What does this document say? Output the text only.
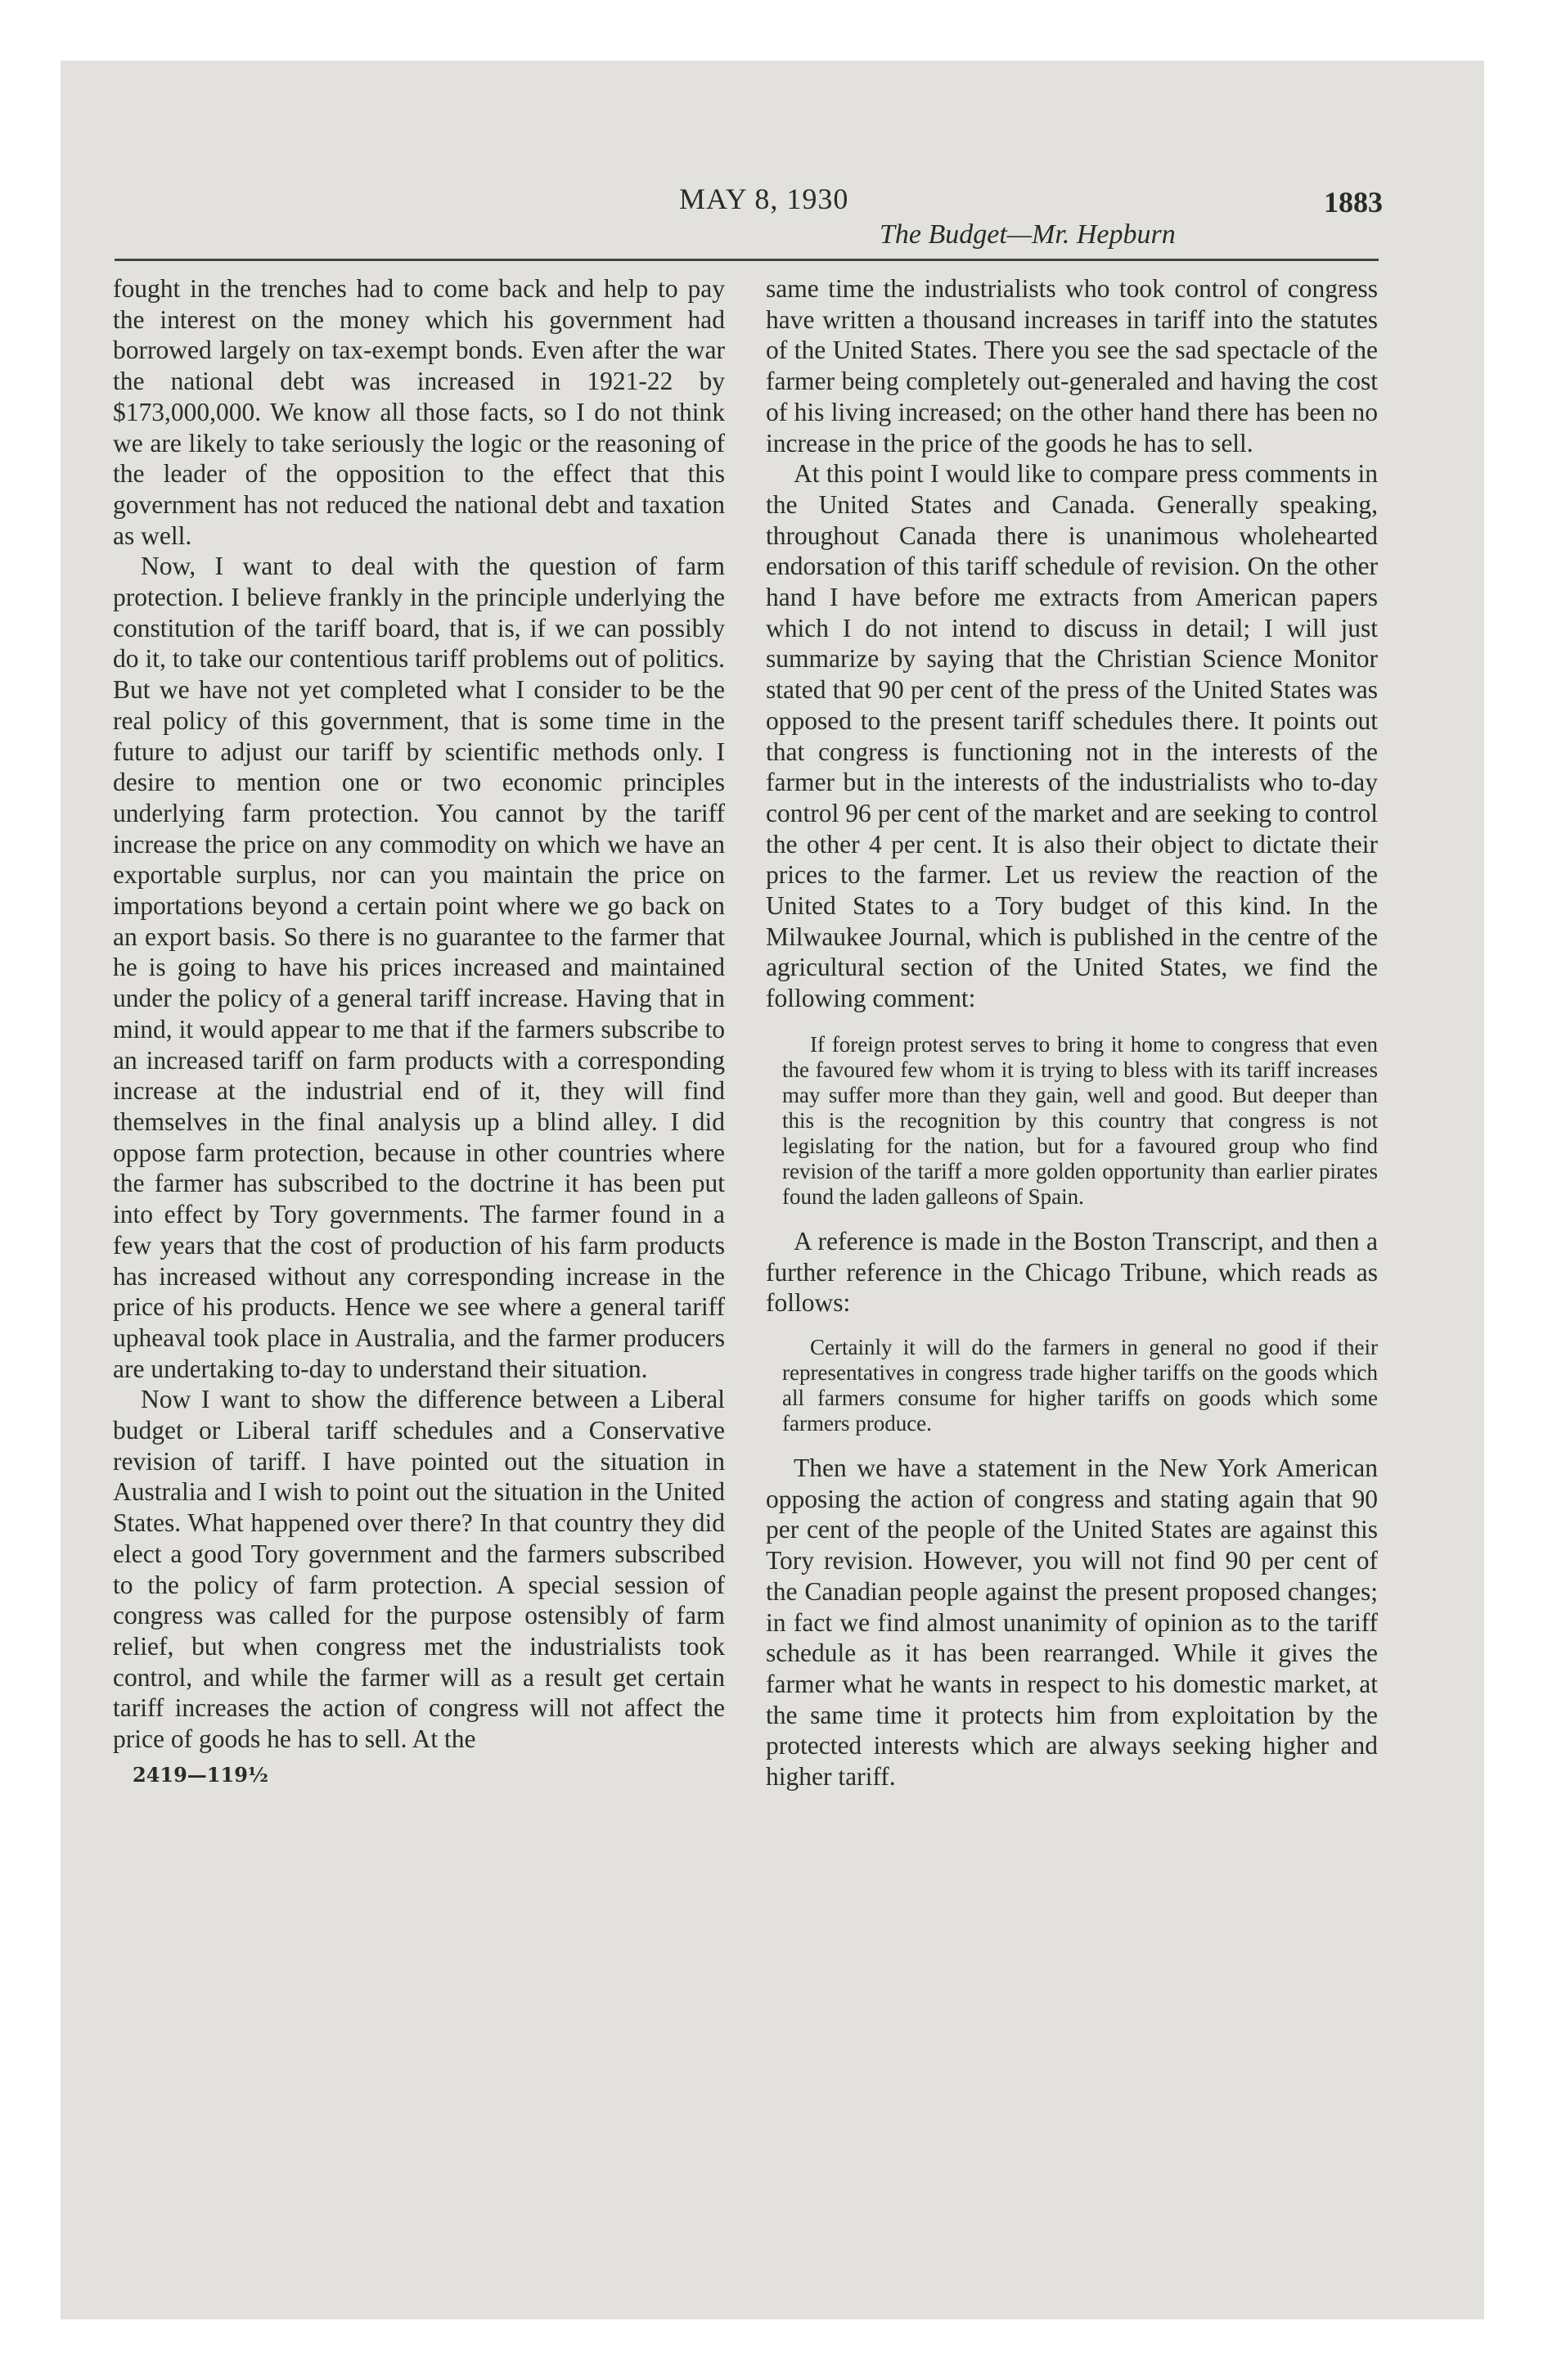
MAY 8, 1930	1883
The Budget—Mr. Hepburn

fought in the trenches had to come back and help to pay the interest on the money which his government had borrowed largely on tax-exempt bonds. Even after the war the national debt was increased in 1921-22 by $173,000,000. We know all those facts, so I do not think we are likely to take seriously the logic or the reasoning of the leader of the opposition to the effect that this government has not reduced the national debt and taxation as well.

Now, I want to deal with the question of farm protection. I believe frankly in the principle underlying the constitution of the tariff board, that is, if we can possibly do it, to take our contentious tariff problems out of politics. But we have not yet completed what I consider to be the real policy of this government, that is some time in the future to adjust our tariff by scientific methods only. I desire to mention one or two economic principles underlying farm protection. You cannot by the tariff increase the price on any commodity on which we have an exportable surplus, nor can you maintain the price on importations beyond a certain point where we go back on an export basis. So there is no guarantee to the farmer that he is going to have his prices increased and maintained under the policy of a general tariff increase. Having that in mind, it would appear to me that if the farmers subscribe to an increased tariff on farm products with a corresponding increase at the industrial end of it, they will find themselves in the final analysis up a blind alley. I did oppose farm protection, because in other countries where the farmer has subscribed to the doctrine it has been put into effect by Tory governments. The farmer found in a few years that the cost of production of his farm products has increased without any corresponding increase in the price of his products. Hence we see where a general tariff upheaval took place in Australia, and the farmer producers are undertaking to-day to understand their situation.

Now I want to show the difference between a Liberal budget or Liberal tariff schedules and a Conservative revision of tariff. I have pointed out the situation in Australia and I wish to point out the situation in the United States. What happened over there? In that country they did elect a good Tory government and the farmers subscribed to the policy of farm protection. A special session of congress was called for the purpose ostensibly of farm relief, but when congress met the industrialists took control, and while the farmer will as a result get certain tariff increases the action of congress will not affect the price of goods he has to sell. At the

2419—119½

same time the industrialists who took control of congress have written a thousand increases in tariff into the statutes of the United States. There you see the sad spectacle of the farmer being completely out-generaled and having the cost of his living increased; on the other hand there has been no increase in the price of the goods he has to sell.

At this point I would like to compare press comments in the United States and Canada. Generally speaking, throughout Canada there is unanimous wholehearted endorsation of this tariff schedule of revision. On the other hand I have before me extracts from American papers which I do not intend to discuss in detail; I will just summarize by saying that the Christian Science Monitor stated that 90 per cent of the press of the United States was opposed to the present tariff schedules there. It points out that congress is functioning not in the interests of the farmer but in the interests of the industrialists who to-day control 96 per cent of the market and are seeking to control the other 4 per cent. It is also their object to dictate their prices to the farmer. Let us review the reaction of the United States to a Tory budget of this kind. In the Milwaukee Journal, which is published in the centre of the agricultural section of the United States, we find the following comment:

If foreign protest serves to bring it home to congress that even the favoured few whom it is trying to bless with its tariff increases may suffer more than they gain, well and good. But deeper than this is the recognition by this country that congress is not legislating for the nation, but for a favoured group who find revision of the tariff a more golden opportunity than earlier pirates found the laden galleons of Spain.

A reference is made in the Boston Transcript, and then a further reference in the Chicago Tribune, which reads as follows:

Certainly it will do the farmers in general no good if their representatives in congress trade higher tariffs on the goods which all farmers consume for higher tariffs on goods which some farmers produce.

Then we have a statement in the New York American opposing the action of congress and stating again that 90 per cent of the people of the United States are against this Tory revision. However, you will not find 90 per cent of the Canadian people against the present proposed changes; in fact we find almost unanimity of opinion as to the tariff schedule as it has been rearranged. While it gives the farmer what he wants in respect to his domestic market, at the same time it protects him from exploitation by the protected interests which are always seeking higher and higher tariff.
